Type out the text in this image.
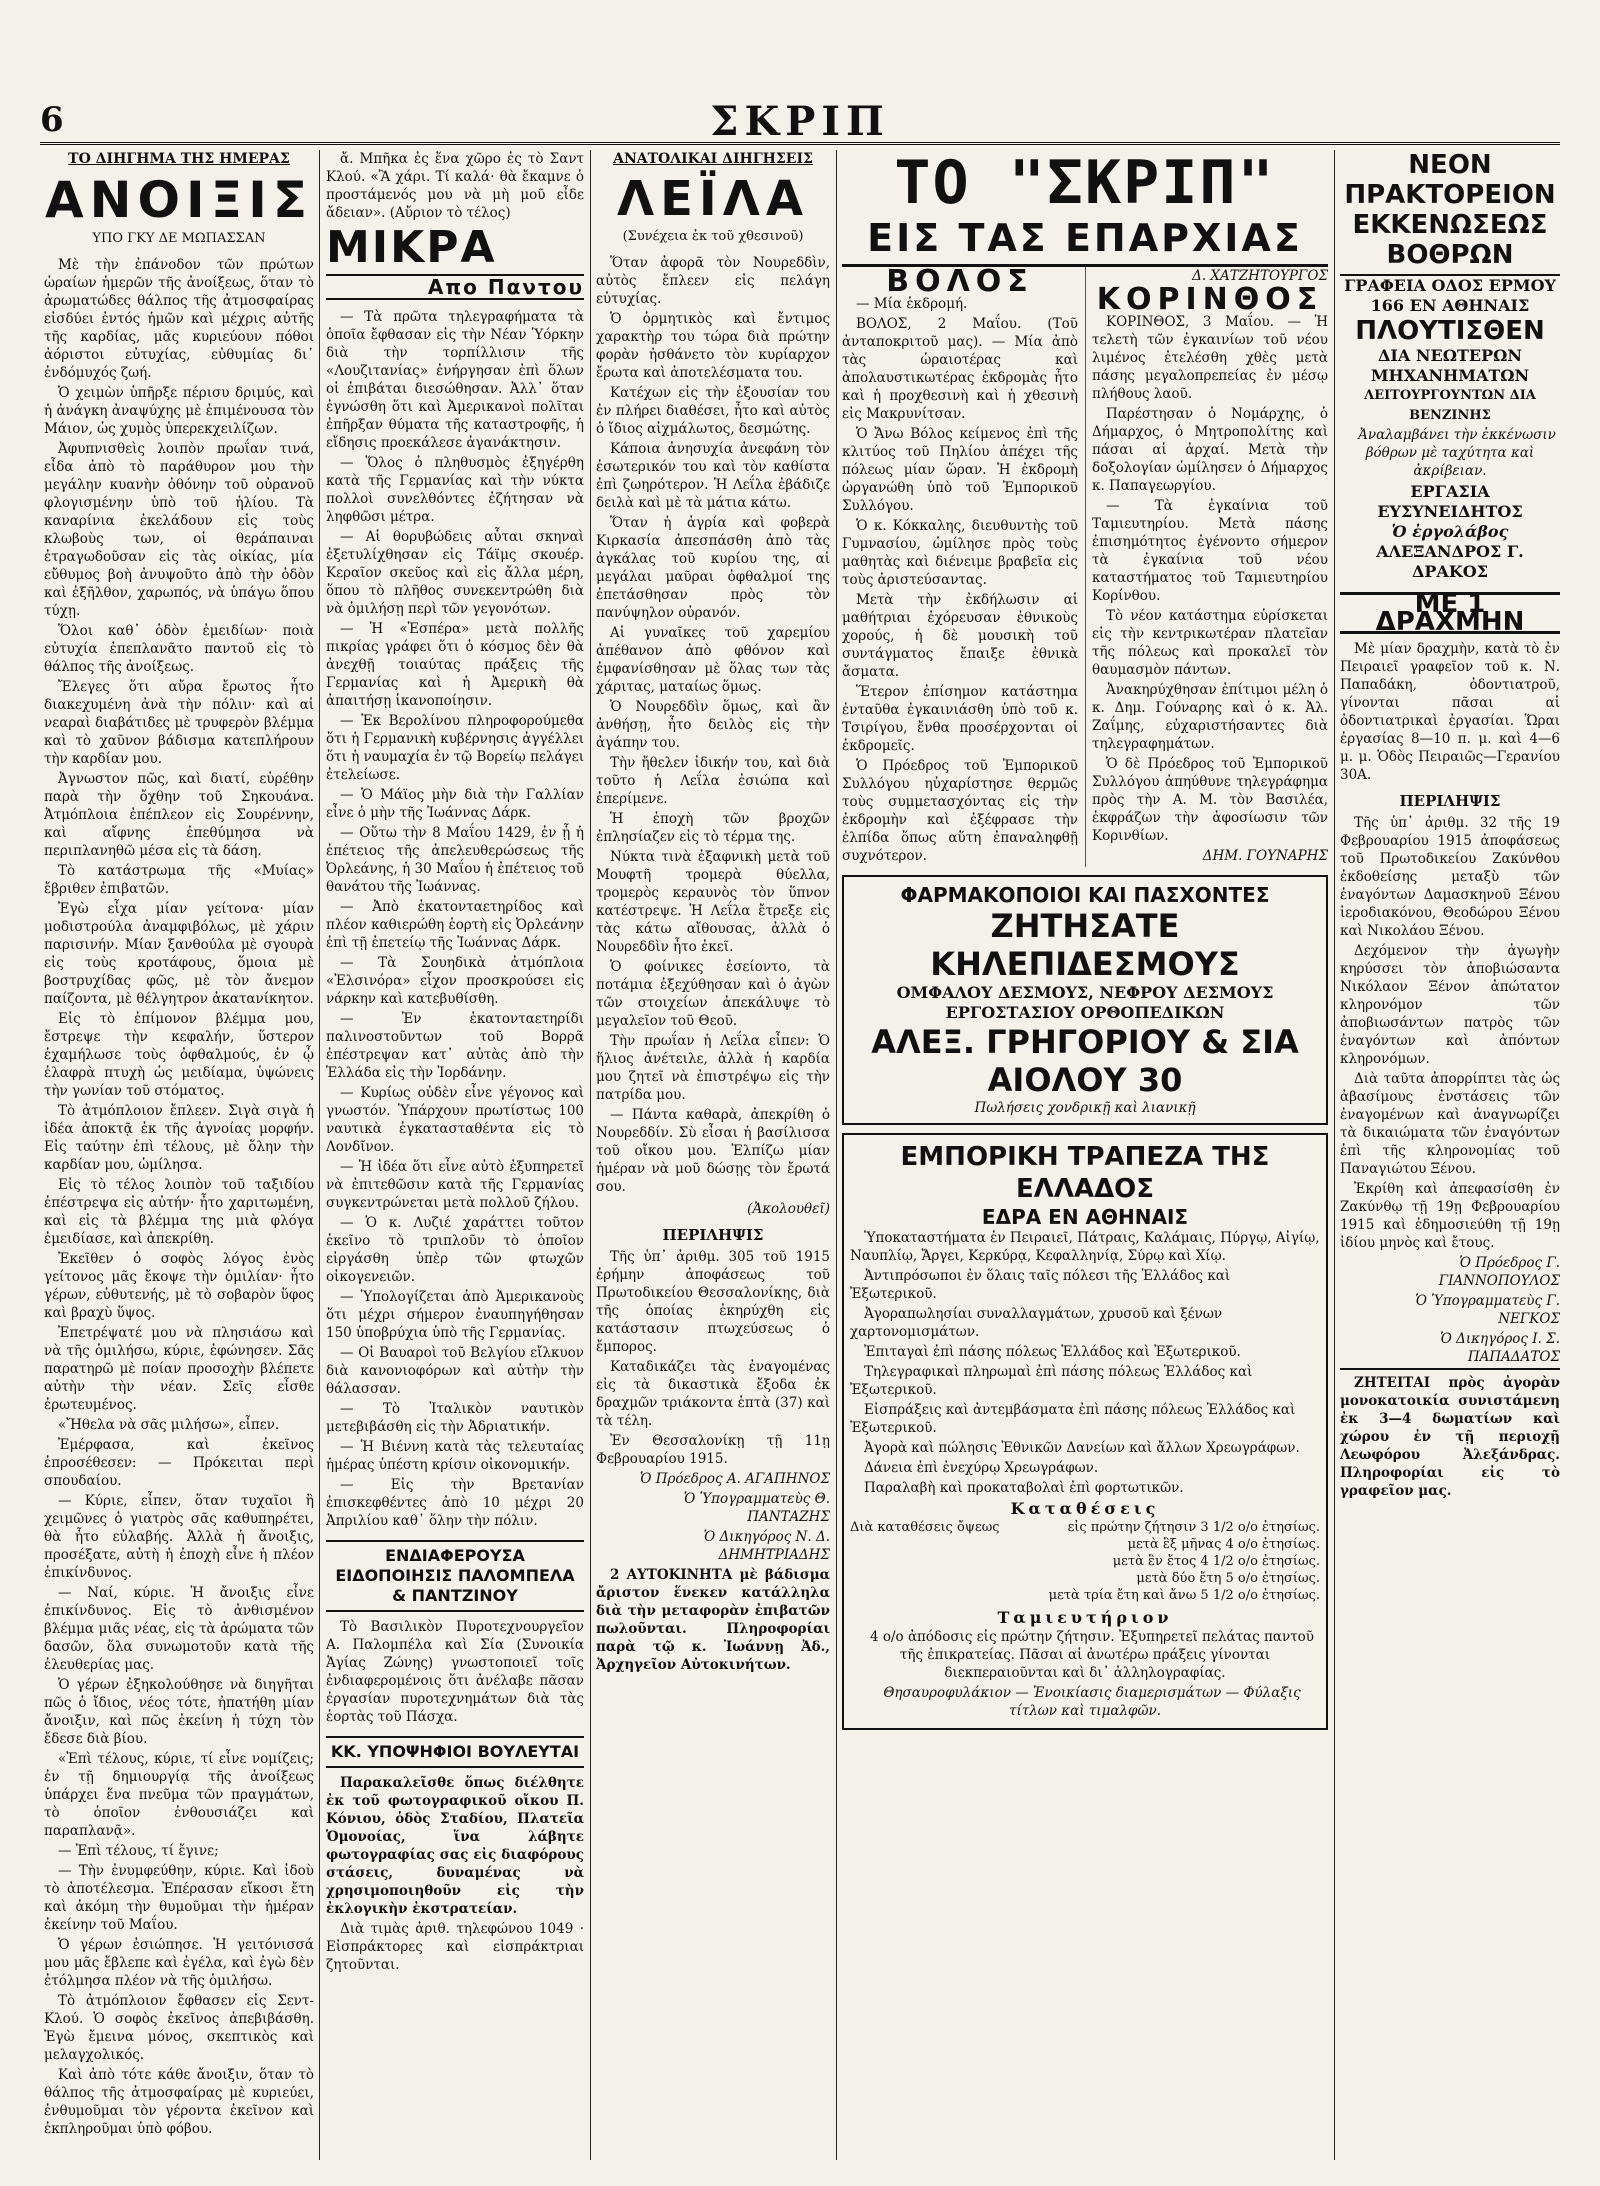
6	ΣΚΡΙΠ
ΤΟ ΔΙΗΓΗΜΑ ΤΗΣ ΗΜΕΡΑΣ
ΑΝΟΙΞΙΣ
ΥΠΟ ΓΚΥ ΔΕ ΜΩΠΑΣΣΑΝ

Μὲ τὴν ἐπάνοδον τῶν πρώτων ὡραίων ἡμερῶν τῆς ἀνοίξεως, ὅταν τὸ ἀρωματώδες θάλπος τῆς ἀτμοσφαίρας εἰσδύει ἐντός ἡμῶν καὶ μέχρις αὐτῆς τῆς καρδίας, μᾶς κυριεύουν πόθοι ἀόριστοι εὐτυχίας, εὐθυμίας δι᾽ ἐνδόμυχός ζωή.

Ὁ χειμὼν ὑπῆρξε πέρισυ δριμύς, καὶ ἡ ἀνάγκη ἀναψύχης μὲ ἐπιμένουσα τὸν Μάιον, ὡς χυμὸς ὑπερεκχειλίζων.

Ἀφυπνισθεὶς λοιπὸν πρωΐαν τινά, εἶδα ἀπὸ τὸ παράθυρον μου τὴν μεγάλην κυανὴν ὀθόνην τοῦ οὐρανοῦ φλογισμένην ὑπὸ τοῦ ἡλίου. Τὰ καναρίνια ἐκελάδουν εἰς τοὺς κλωβοὺς των, οἱ θεράπαιναι ἐτραγωδοῦσαν εἰς τὰς οἰκίας, μία εὔθυμος βοὴ ἀνυψοῦτο ἀπὸ τὴν ὁδὸν καὶ ἐξῆλθον, χαρωπός, νὰ ὑπάγω ὅπου τύχῃ.

Ὅλοι καθ᾽ ὁδὸν ἐμειδίων· ποιὰ εὐτυχία ἐπεπλανᾶτο παντοῦ εἰς τὸ θάλπος τῆς ἀνοίξεως.

Ἔλεγες ὅτι αὔρα ἔρωτος ἦτο διακεχυμένη ἀνὰ τὴν πόλιν· καὶ αἱ νεαραὶ διαβάτιδες μὲ τρυφερὸν βλέμμα καὶ τὸ χαῦνον βάδισμα κατεπλήρουν τὴν καρδίαν μου.

Ἀγνωστον πῶς, καὶ διατί, εὑρέθην παρὰ τὴν ὄχθην τοῦ Σηκουάνα. Ἀτμόπλοια ἐπέπλεον εἰς Σουρέννην, καὶ αἴφνης ἐπεθύμησα νὰ περιπλανηθῶ μέσα εἰς τὰ δάση.

Τὸ κατάστρωμα τῆς «Μυίας» ἔβριθεν ἐπιβατῶν.

Ἐγὼ εἶχα μίαν γείτονα· μίαν μοδιστρούλα ἀναμφιβόλως, μὲ χάριν παρισινήν. Μίαν ξανθούλα μὲ σγουρὰ εἰς τοὺς κροτάφους, ὅμοια μὲ βοστρυχίδας φῶς, μὲ τὸν ἄνεμον παίζοντα, μὲ θέλγητρον ἀκατανίκητον.

Εἰς τὸ ἐπίμονον βλέμμα μου, ἔστρεψε τὴν κεφαλήν, ὕστερον ἐχαμήλωσε τοὺς ὀφθαλμούς, ἐν ᾧ ἐλαφρὰ πτυχὴ ὡς μειδίαμα, ὑψώνεις τὴν γωνίαν τοῦ στόματος.

Τὸ ἀτμόπλοιον ἔπλεεν. Σιγὰ σιγὰ ἡ ἰδέα ἀποκτᾷ ἐκ τῆς ἀγνοίας μορφήν. Εἰς ταύτην ἐπὶ τέλους, μὲ ὅλην τὴν καρδίαν μου, ὡμίλησα.

Εἰς τὸ τέλος λοιπὸν τοῦ ταξιδίου ἐπέστρεψα εἰς αὐτήν· ἦτο χαριτωμένη, καὶ εἰς τὰ βλέμμα της μιὰ φλόγα ἐμειδίασε, καὶ ἀπεκρίθη.

Ἐκεῖθεν ὁ σοφὸς λόγος ἑνὸς γείτονος μᾶς ἔκοψε τὴν ὁμιλίαν· ἦτο γέρων, εὐθυτενής, μὲ τὸ σοβαρὸν ὕφος καὶ βραχὺ ὕψος.

Ἐπετρέψατέ μου νὰ πλησιάσω καὶ νὰ τῆς ὁμιλήσω, κύριε, ἐφώνησεν. Σᾶς παρατηρῶ μὲ ποίαν προσοχὴν βλέπετε αὐτὴν τὴν νέαν. Σεῖς εἶσθε ἐρωτευμένος.

«Ἤθελα νὰ σᾶς μιλήσω», εἶπεν.

Ἐμέρφασα, καὶ ἐκεῖνος ἐπροσέθεσεν: — Πρόκειται περὶ σπουδαίου.

— Κύριε, εἶπεν, ὅταν τυχαῖοι ἢ χειμῶνες ὁ γιατρὸς σᾶς καθυπηρέτει, θὰ ἦτο εὐλαβής. Ἀλλὰ ἡ ἄνοιξις, προσέξατε, αὐτὴ ἡ ἐποχὴ εἶνε ἡ πλέον ἐπικίνδυνος.

— Ναί, κύριε. Ἡ ἄνοιξις εἶνε ἐπικίνδυνος. Εἰς τὸ ἀνθισμένον βλέμμα μιᾶς νέας, εἰς τὰ ἀρώματα τῶν δασῶν, ὅλα συνωμοτοῦν κατὰ τῆς ἐλευθερίας μας.

Ὁ γέρων ἐξηκολούθησε νὰ διηγῆται πῶς ὁ ἴδιος, νέος τότε, ἠπατήθη μίαν ἄνοιξιν, καὶ πῶς ἐκείνη ἡ τύχη τὸν ἔδεσε διὰ βίου.

«Ἐπὶ τέλους, κύριε, τί εἶνε νομίζεις; ἐν τῇ δημιουργίᾳ τῆς ἀνοίξεως ὑπάρχει ἕνα πνεῦμα τῶν πραγμάτων, τὸ ὁποῖον ἐνθουσιάζει καὶ παραπλανᾷ».

— Ἐπὶ τέλους, τί ἔγινε;

— Τὴν ἐνυμφεύθην, κύριε. Καὶ ἰδοὺ τὸ ἀποτέλεσμα. Ἐπέρασαν εἴκοσι ἔτη καὶ ἀκόμη τὴν θυμοῦμαι τὴν ἡμέραν ἐκείνην τοῦ Μαΐου.

Ὁ γέρων ἐσιώπησε. Ἡ γειτόνισσά μου μᾶς ἔβλεπε καὶ ἐγέλα, καὶ ἐγὼ δὲν ἐτόλμησα πλέον νὰ τῆς ὁμιλήσω.

Τὸ ἀτμόπλοιον ἔφθασεν εἰς Σεντ-Κλού. Ὁ σοφὸς ἐκεῖνος ἀπεβιβάσθη. Ἐγὼ ἔμεινα μόνος, σκεπτικὸς καὶ μελαγχολικός.

Καὶ ἀπὸ τότε κάθε ἄνοιξιν, ὅταν τὸ θάλπος τῆς ἀτμοσφαίρας μὲ κυριεύει, ἐνθυμοῦμαι τὸν γέροντα ἐκεῖνον καὶ ἐκπληροῦμαι ὑπὸ φόβου.

ἄ. Μπῆκα ἐς ἕνα χῶρο ἐς τὸ Σαντ Κλού. «Ἂ χάρι. Τί καλά· θὰ ἔκαμνε ὁ προστάμενός μου νὰ μὴ μοῦ εἶδε ἄδειαν». (Αὔριον τὸ τέλος)

ΜΙΚΡΑ
Απο Παντου

— Τὰ πρῶτα τηλεγραφήματα τὰ ὁποῖα ἔφθασαν εἰς τὴν Νέαν Ὑόρκην διὰ τὴν τορπίλλισιν τῆς «Λουζιτανίας» ἐνήργησαν ἐπὶ ὅλων οἱ ἐπιβάται διεσώθησαν. Ἀλλ᾽ ὅταν ἐγνώσθη ὅτι καὶ Ἀμερικανοὶ πολῖται ἐπῆρξαν θύματα τῆς καταστροφῆς, ἡ εἴδησις προεκάλεσε ἀγανάκτησιν.

— Ὅλος ὁ πληθυσμὸς ἐξηγέρθη κατὰ τῆς Γερμανίας καὶ τὴν νύκτα πολλοὶ συνελθόντες ἐζήτησαν νὰ ληφθῶσι μέτρα.

— Αἱ θορυβώδεις αὗται σκηναὶ ἐξετυλίχθησαν εἰς Τάϊμς σκουέρ. Κεραῖον σκεῦος καὶ εἰς ἄλλα μέρη, ὅπου τὸ πλῆθος συνεκεντρώθη διὰ νὰ ὁμιλήσῃ περὶ τῶν γεγονότων.

— Ἡ «Ἑσπέρα» μετὰ πολλῆς πικρίας γράφει ὅτι ὁ κόσμος δὲν θὰ ἀνεχθῇ τοιαύτας πράξεις τῆς Γερμανίας καὶ ἡ Ἀμερικὴ θὰ ἀπαιτήσῃ ἱκανοποίησιν.

— Ἐκ Βερολίνου πληροφορούμεθα ὅτι ἡ Γερμανικὴ κυβέρνησις ἀγγέλλει ὅτι ἡ ναυμαχία ἐν τῷ Βορείῳ πελάγει ἐτελείωσε.

— Ὁ Μάϊος μὴν διὰ τὴν Γαλλίαν εἶνε ὁ μὴν τῆς Ἰωάννας Δάρκ.

— Οὕτω τὴν 8 Μαΐου 1429, ἐν ᾗ ἡ ἐπέτειος τῆς ἀπελευθερώσεως τῆς Ὀρλεάνης, ἡ 30 Μαΐου ἡ ἐπέτειος τοῦ θανάτου τῆς Ἰωάννας.

— Ἀπὸ ἐκατονταετηρίδος καὶ πλέον καθιερώθη ἑορτὴ εἰς Ὀρλεάνην ἐπὶ τῇ ἐπετείῳ τῆς Ἰωάννας Δάρκ.

— Τὰ Σουηδικὰ ἀτμόπλοια «Ἐλσινόρα» εἶχον προσκρούσει εἰς νάρκην καὶ κατεβυθίσθη.

— Ἐν ἑκατονταετηρίδι παλινοστοῦντων τοῦ Βορρᾶ ἐπέστρεψαν κατ᾽ αὐτὰς ἀπὸ τὴν Ἑλλάδα εἰς τὴν Ἰορδάνην.

— Κυρίως οὐδὲν εἶνε γέγονος καὶ γνωστόν. Ὑπάρχουν πρωτίστως 100 ναυτικὰ ἐγκατασταθέντα εἰς τὸ Λονδῖνον.

— Ἡ ἰδέα ὅτι εἶνε αὐτὸ ἐξυπηρετεῖ νὰ ἐπιτεθῶσιν κατὰ τῆς Γερμανίας συγκεντρώνεται μετὰ πολλοῦ ζήλου.

— Ὁ κ. Λυζιέ χαράττει τοῦτον ἐκεῖνο τὸ τριπλοῦν τὸ ὁποῖον εἰργάσθη ὑπὲρ τῶν φτωχῶν οἰκογενειῶν.

— Ὑπολογίζεται ἀπὸ Ἀμερικανοὺς ὅτι μέχρι σήμερον ἐναυπηγήθησαν 150 ὑποβρύχια ὑπὸ τῆς Γερμανίας.

— Οἱ Βαυαροὶ τοῦ Βελγίου εἴλκυον διὰ κανονιοφόρων καὶ αὐτὴν τὴν θάλασσαν.

— Τὸ Ἰταλικὸν ναυτικὸν μετεβιβάσθη εἰς τὴν Ἀδριατικήν.

— Ἡ Βιέννη κατὰ τὰς τελευταίας ἡμέρας ὑπέστη κρίσιν οἰκονομικήν.

— Εἰς τὴν Βρετανίαν ἐπισκεφθέντες ἀπὸ 10 μέχρι 20 Ἀπριλίου καθ᾽ ὅλην τὴν πόλιν.

ΕΝΔΙΑΦΕΡΟΥΣΑ ΕΙΔΟΠΟΙΗΣΙΣ ΠΑΛΟΜΠΕΛΑ & ΠΑΝΤΖΙΝΟΥ

Τὸ Βασιλικὸν Πυροτεχνουργεῖον Α. Παλομπέλα καὶ Σία (Συνοικία Ἁγίας Ζώνης) γνωστοποιεῖ τοῖς ἐνδιαφερομένοις ὅτι ἀνέλαβε πᾶσαν ἐργασίαν πυροτεχνημάτων διὰ τὰς ἑορτὰς τοῦ Πάσχα.

ΚΚ. ΥΠΟΨΗΦΙΟΙ ΒΟΥΛΕΥΤΑΙ

Παρακαλεῖσθε ὅπως διέλθητε ἐκ τοῦ φωτογραφικοῦ οἴκου Π. Κόνιου, ὁδὸς Σταδίου, Πλατεῖα Ὁμονοίας, ἵνα λάβητε φωτογραφίας σας εἰς διαφόρους στάσεις, δυναμένας νὰ χρησιμοποιηθοῦν εἰς τὴν ἐκλογικὴν ἐκστρατείαν.

Διὰ τιμὰς ἀριθ. τηλεφώνου 1049 · Εἰσπράκτορες καὶ εἰσπράκτριαι ζητοῦνται.

ΑΝΑΤΟΛΙΚΑΙ ΔΙΗΓΗΣΕΙΣ
ΛΕΪΛΑ
(Συνέχεια ἐκ τοῦ χθεσινοῦ)

Ὅταν ἀφορᾶ τὸν Νουρεδδὶν, αὐτὸς ἔπλεεν εἰς πελάγη εὐτυχίας.

Ὁ ὁρμητικὸς καὶ ἔντιμος χαρακτὴρ του τώρα διὰ πρώτην φορὰν ἠσθάνετο τὸν κυρίαρχον ἔρωτα καὶ ἀποτελέσματα του.

Κατέχων εἰς τὴν ἐξουσίαν του ἐν πλήρει διαθέσει, ἦτο καὶ αὐτὸς ὁ ἴδιος αἰχμάλωτος, δεσμώτης.

Κάποια ἀνησυχία ἀνεφάνη τὸν ἐσωτερικόν του καὶ τὸν καθίστα ἐπὶ ζωηρότερον. Ἡ Λεΐλα ἐβάδιζε δειλὰ καὶ μὲ τὰ μάτια κάτω.

Ὅταν ἡ ἀγρία καὶ φοβερὰ Κιρκασία ἀπεσπάσθη ἀπὸ τὰς ἀγκάλας τοῦ κυρίου της, αἱ μεγάλαι μαῦραι ὀφθαλμοί της ἐπετάσθησαν πρὸς τὸν πανύψηλον οὐρανόν.

Αἱ γυναῖκες τοῦ χαρεμίου ἀπέθανον ἀπὸ φθόνον καὶ ἐμφανίσθησαν μὲ ὅλας των τὰς χάριτας, ματαίως ὅμως.

Ὁ Νουρεδδὶν ὅμως, καὶ ἂν ἀνθήσῃ, ἦτο δειλὸς εἰς τὴν ἀγάπην του.

Τὴν ἤθελεν ἰδικήν του, καὶ διὰ τοῦτο ἡ Λεΐλα ἐσιώπα καὶ ἐπερίμενε.

Ἡ ἐποχὴ τῶν βροχῶν ἐπλησίαζεν εἰς τὸ τέρμα της.

Νύκτα τινὰ ἐξαφνικὴ μετὰ τοῦ Μουφτῆ τρομερὰ θύελλα, τρομερὸς κεραυνὸς τὸν ὕπνον κατέστρεψε. Ἡ Λεΐλα ἔτρεξε εἰς τὰς κάτω αἴθουσας, ἀλλὰ ὁ Νουρεδδὶν ἦτο ἐκεῖ.

Ὁ φοίνικες ἐσείοντο, τὰ ποτάμια ἐξεχύθησαν καὶ ὁ ἀγὼν τῶν στοιχείων ἀπεκάλυψε τὸ μεγαλεῖον τοῦ Θεοῦ.

Τὴν πρωΐαν ἡ Λεΐλα εἶπεν: Ὁ ἥλιος ἀνέτειλε, ἀλλὰ ἡ καρδία μου ζητεῖ νὰ ἐπιστρέψω εἰς τὴν πατρίδα μου.

— Πάντα καθαρὰ, ἀπεκρίθη ὁ Νουρεδδίν. Σὺ εἶσαι ἡ βασίλισσα τοῦ οἴκου μου. Ἐλπίζω μίαν ἡμέραν νὰ μοῦ δώσῃς τὸν ἔρωτά σου.

(Ἀκολουθεῖ)
ΠΕΡΙΛΗΨΙΣ

Τῆς ὑπ᾽ ἀριθμ. 305 τοῦ 1915 ἐρήμην ἀποφάσεως τοῦ Πρωτοδικείου Θεσσαλονίκης, διὰ τῆς ὁποίας ἐκηρύχθη εἰς κατάστασιν πτωχεύσεως ὁ ἔμπορος.

Καταδικάζει τὰς ἐναγομένας εἰς τὰ δικαστικὰ ἔξοδα ἐκ δραχμῶν τριάκοντα ἑπτὰ (37) καὶ τὰ τέλη.

Ἐν Θεσσαλονίκῃ τῇ 11ῃ Φεβρουαρίου 1915.

Ὁ Πρόεδρος Α. ΑΓΑΠΗΝΟΣ

Ὁ Ὑπογραμματεὺς Θ. ΠΑΝΤΑΖΗΣ

Ὁ Δικηγόρος Ν. Δ. ΔΗΜΗΤΡΙΑΔΗΣ

2 ΑΥΤΟΚΙΝΗΤΑ μὲ βάδισμα ἄριστον ἕνεκεν κατάλληλα διὰ τὴν μεταφορὰν ἐπιβατῶν πωλοῦνται. Πληροφορίαι παρὰ τῷ κ. Ἰωάννῃ Ἀδ., Ἀρχηγεῖον Αὐτοκινήτων.

ΤΟ "ΣΚΡΙΠ"
ΕΙΣ ΤΑΣ ΕΠΑΡΧΙΑΣ
ΒΟΛΟΣ

— Μία ἑκδρομή.

ΒΟΛΟΣ, 2 Μαΐου. (Τοῦ ἀνταποκριτοῦ μας). — Μία ἀπὸ τὰς ὡραιοτέρας καὶ ἀπολαυστικωτέρας ἐκδρομὰς ἦτο καὶ ἡ προχθεσινὴ καὶ ἡ χθεσινὴ εἰς Μακρυνίτσαν.

Ὁ Ἄνω Βόλος κείμενος ἐπὶ τῆς κλιτύος τοῦ Πηλίου ἀπέχει τῆς πόλεως μίαν ὥραν. Ἡ ἐκδρομὴ ὠργανώθη ὑπὸ τοῦ Ἐμπορικοῦ Συλλόγου.

Ὁ κ. Κόκκαλης, διευθυντὴς τοῦ Γυμνασίου, ὡμίλησε πρὸς τοὺς μαθητὰς καὶ διένειμε βραβεῖα εἰς τοὺς ἀριστεύσαντας.

Μετὰ τὴν ἐκδήλωσιν αἱ μαθήτριαι ἐχόρευσαν ἐθνικοὺς χορούς, ἡ δὲ μουσικὴ τοῦ συντάγματος ἔπαιξε ἐθνικὰ ἄσματα.

Ἕτερον ἐπίσημον κατάστημα ἐνταῦθα ἐγκαινιάσθη ὑπὸ τοῦ κ. Τσιρίγου, ἔνθα προσέρχονται οἱ ἐκδρομεῖς.

Ὁ Πρόεδρος τοῦ Ἐμπορικοῦ Συλλόγου ηὐχαρίστησε θερμῶς τοὺς συμμετασχόντας εἰς τὴν ἐκδρομὴν καὶ ἐξέφρασε τὴν ἐλπίδα ὅπως αὕτη ἐπαναληφθῇ συχνότερον.

Δ. ΧΑΤΖΗΤΟΥΡΓΟΣ

ΚΟΡΙΝΘΟΣ

ΚΟΡΙΝΘΟΣ, 3 Μαΐου. — Ἡ τελετὴ τῶν ἐγκαινίων τοῦ νέου λιμένος ἐτελέσθη χθὲς μετὰ πάσης μεγαλοπρεπείας ἐν μέσῳ πλήθους λαοῦ.

Παρέστησαν ὁ Νομάρχης, ὁ Δήμαρχος, ὁ Μητροπολίτης καὶ πάσαι αἱ ἀρχαί. Μετὰ τὴν δοξολογίαν ὡμίλησεν ὁ Δήμαρχος κ. Παπαγεωργίου.

— Τὰ ἐγκαίνια τοῦ Ταμιευτηρίου. Μετὰ πάσης ἐπισημότητος ἐγένοντο σήμερον τὰ ἐγκαίνια τοῦ νέου καταστήματος τοῦ Ταμιευτηρίου Κορίνθου.

Τὸ νέον κατάστημα εὑρίσκεται εἰς τὴν κεντρικωτέραν πλατεῖαν τῆς πόλεως καὶ προκαλεῖ τὸν θαυμασμὸν πάντων.

Ἀνακηρύχθησαν ἐπίτιμοι μέλη ὁ κ. Δημ. Γούναρης καὶ ὁ κ. Ἀλ. Ζαΐμης, εὐχαριστήσαντες διὰ τηλεγραφημάτων.

Ὁ δὲ Πρόεδρος τοῦ Ἐμπορικοῦ Συλλόγου ἀπηύθυνε τηλεγράφημα πρὸς τὴν Α. Μ. τὸν Βασιλέα, ἐκφράζων τὴν ἀφοσίωσιν τῶν Κορινθίων.

ΔΗΜ. ΓΟΥΝΑΡΗΣ

ΦΑΡΜΑΚΟΠΟΙΟΙ ΚΑΙ ΠΑΣΧΟΝΤΕΣ
ΖΗΤΗΣΑΤΕ ΚΗΛΕΠΙΔΕΣΜΟΥΣ
ΟΜΦΑΛΟΥ ΔΕΣΜΟΥΣ, ΝΕΦΡΟΥ ΔΕΣΜΟΥΣ
ΕΡΓΟΣΤΑΣΙΟΥ ΟΡΘΟΠΕΔΙΚΩΝ
ΑΛΕΞ. ΓΡΗΓΟΡΙΟΥ & ΣΙΑ ΑΙΟΛΟΥ 30
Πωλήσεις χονδρικῇ καὶ λιανικῇ
ΕΜΠΟΡΙΚΗ ΤΡΑΠΕΖΑ ΤΗΣ ΕΛΛΑΔΟΣ
ΕΔΡΑ ΕΝ ΑΘΗΝΑΙΣ

Ὑποκαταστήματα ἐν Πειραιεῖ, Πάτραις, Καλάμαις, Πύργῳ, Αἰγίῳ, Ναυπλίῳ, Ἄργει, Κερκύρᾳ, Κεφαλληνίᾳ, Σύρῳ καὶ Χίῳ.

Ἀντιπρόσωποι ἐν ὅλαις ταῖς πόλεσι τῆς Ἑλλάδος καὶ Ἐξωτερικοῦ.

Ἀγοραπωλησίαι συναλλαγμάτων, χρυσοῦ καὶ ξένων χαρτονομισμάτων.

Ἐπιταγαὶ ἐπὶ πάσης πόλεως Ἑλλάδος καὶ Ἐξωτερικοῦ.

Τηλεγραφικαὶ πληρωμαὶ ἐπὶ πάσης πόλεως Ἑλλάδος καὶ Ἐξωτερικοῦ.

Εἰσπράξεις καὶ ἀντεμβάσματα ἐπὶ πάσης πόλεως Ἑλλάδος καὶ Ἐξωτερικοῦ.

Ἀγορὰ καὶ πώλησις Ἐθνικῶν Δανείων καὶ ἄλλων Χρεωγράφων.

Δάνεια ἐπὶ ἐνεχύρῳ Χρεωγράφων.

Παραλαβὴ καὶ προκαταβολαὶ ἐπὶ φορτωτικῶν.

Καταθέσεις
Διὰ καταθέσεις ὄψεως	εἰς πρώτην ζήτησιν 3 1/2 ο/ο ἐτησίως.
μετὰ ἓξ μῆνας 4 ο/ο ἐτησίως.
μετὰ ἓν ἔτος 4 1/2 ο/ο ἐτησίως.
μετὰ δύο ἔτη 5 ο/ο ἐτησίως.
μετὰ τρία ἔτη καὶ ἄνω 5 1/2 ο/ο ἐτησίως.
Ταμιευτήριον

4 ο/ο ἀπόδοσις εἰς πρώτην ζήτησιν. Ἐξυπηρετεῖ πελάτας παντοῦ τῆς ἐπικρατείας. Πᾶσαι αἱ ἀνωτέρω πράξεις γίνονται διεκπεραιοῦνται καὶ δι᾽ ἀλληλογραφίας.

Θησαυροφυλάκιον — Ἐνοικίασις διαμερισμάτων — Φύλαξις τίτλων καὶ τιμαλφῶν.

ΝΕΟΝ ΠΡΑΚΤΟΡΕΙΟΝ
ΕΚΚΕΝΩΣΕΩΣ ΒΟΘΡΩΝ
ΓΡΑΦΕΙΑ ΟΔΟΣ ΕΡΜΟΥ 166 ΕΝ ΑΘΗΝΑΙΣ
ΠΛΟΥΤΙΣΘΕΝ
ΔΙΑ ΝΕΩΤΕΡΩΝ ΜΗΧΑΝΗΜΑΤΩΝ
ΛΕΙΤΟΥΡΓΟΥΝΤΩΝ ΔΙΑ ΒΕΝΖΙΝΗΣ

Ἀναλαμβάνει τὴν ἐκκένωσιν βόθρων μὲ ταχύτητα καὶ ἀκρίβειαν.

ΕΡΓΑΣΙΑ ΕΥΣΥΝΕΙΔΗΤΟΣ
Ὁ ἐργολάβος
ΑΛΕΞΑΝΔΡΟΣ Γ. ΔΡΑΚΟΣ
ΜΕ 1 ΔΡΑΧΜΗΝ

Μὲ μίαν δραχμὴν, κατὰ τὸ ἐν Πειραιεῖ γραφεῖον τοῦ κ. Ν. Παπαδάκη, ὀδοντιατροῦ, γίνονται πᾶσαι αἱ ὀδοντιατρικαὶ ἐργασίαι. Ὥραι ἐργασίας 8—10 π. μ. καὶ 4—6 μ. μ. Ὁδὸς Πειραιῶς—Γερανίου 30Α.

ΠΕΡΙΛΗΨΙΣ

Τῆς ὑπ᾽ ἀριθμ. 32 τῆς 19 Φεβρουαρίου 1915 ἀποφάσεως τοῦ Πρωτοδικείου Ζακύνθου ἐκδοθείσης μεταξὺ τῶν ἐναγόντων Δαμασκηνοῦ Ξένου ἱεροδιακόνου, Θεοδώρου Ξένου καὶ Νικολάου Ξένου.

Δεχόμενον τὴν ἀγωγὴν κηρύσσει τὸν ἀποβιώσαντα Νικόλαον Ξένον ἀπώτατον κληρονόμον τῶν ἀποβιωσάντων πατρὸς τῶν ἐναγόντων καὶ ἀπόντων κληρονόμων.

Διὰ ταῦτα ἀπορρίπτει τὰς ὡς ἀβασίμους ἐνστάσεις τῶν ἐναγομένων καὶ ἀναγνωρίζει τὰ δικαιώματα τῶν ἐναγόντων ἐπὶ τῆς κληρονομίας τοῦ Παναγιώτου Ξένου.

Ἐκρίθη καὶ ἀπεφασίσθη ἐν Ζακύνθῳ τῇ 19ῃ Φεβρουαρίου 1915 καὶ ἐδημοσιεύθη τῇ 19ῃ ἰδίου μηνὸς καὶ ἔτους.

Ὁ Πρόεδρος Γ. ΓΙΑΝΝΟΠΟΥΛΟΣ

Ὁ Ὑπογραμματεὺς Γ. ΝΕΓΚΟΣ

Ὁ Δικηγόρος Ι. Σ. ΠΑΠΑΔΑΤΟΣ

ΖΗΤΕΙΤΑΙ πρὸς ἀγορὰν μονοκατοικία συνιστάμενη ἐκ 3—4 δωματίων καὶ χώρου ἐν τῇ περιοχῇ Λεωφόρου Ἀλεξάνδρας. Πληροφορίαι εἰς τὸ γραφεῖον μας.
